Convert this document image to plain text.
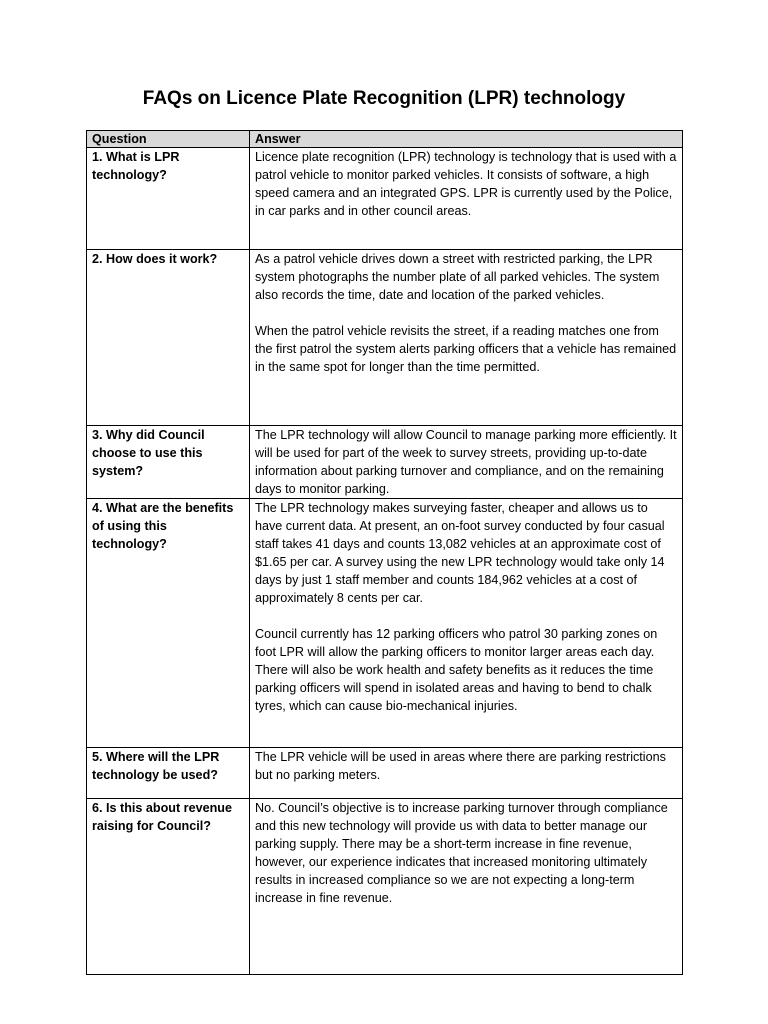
FAQs on Licence Plate Recognition (LPR) technology
Question	Answer
1. What is LPR technology?	Licence plate recognition (LPR) technology is technology that is used with a patrol vehicle to monitor parked vehicles. It consists of software, a high speed camera and an integrated GPS. LPR is currently used by the Police, in car parks and in other council areas.

2. How does it work?	As a patrol vehicle drives down a street with restricted parking, the LPR system photographs the number plate of all parked vehicles. The system also records the time, date and location of the parked vehicles.

When the patrol vehicle revisits the street, if a reading matches one from the first patrol the system alerts parking officers that a vehicle has remained in the same spot for longer than the time permitted.

3. Why did Council choose to use this system?	The LPR technology will allow Council to manage parking more efficiently. It will be used for part of the week to survey streets, providing up-to-date information about parking turnover and compliance, and on the remaining days to monitor parking.

4. What are the benefits of using this technology?	The LPR technology makes surveying faster, cheaper and allows us to have current data. At present, an on-foot survey conducted by four casual staff takes 41 days and counts 13,082 vehicles at an approximate cost of $1.65 per car. A survey using the new LPR technology would take only 14 days by just 1 staff member and counts 184,962 vehicles at a cost of approximately 8 cents per car.

Council currently has 12 parking officers who patrol 30 parking zones on foot LPR will allow the parking officers to monitor larger areas each day. There will also be work health and safety benefits as it reduces the time parking officers will spend in isolated areas and having to bend to chalk tyres, which can cause bio-mechanical injuries.

5. Where will the LPR technology be used?	The LPR vehicle will be used in areas where there are parking restrictions but no parking meters.

6. Is this about revenue raising for Council?	No. Council’s objective is to increase parking turnover through compliance and this new technology will provide us with data to better manage our parking supply. There may be a short-term increase in fine revenue, however, our experience indicates that increased monitoring ultimately results in increased compliance so we are not expecting a long-term increase in fine revenue.
